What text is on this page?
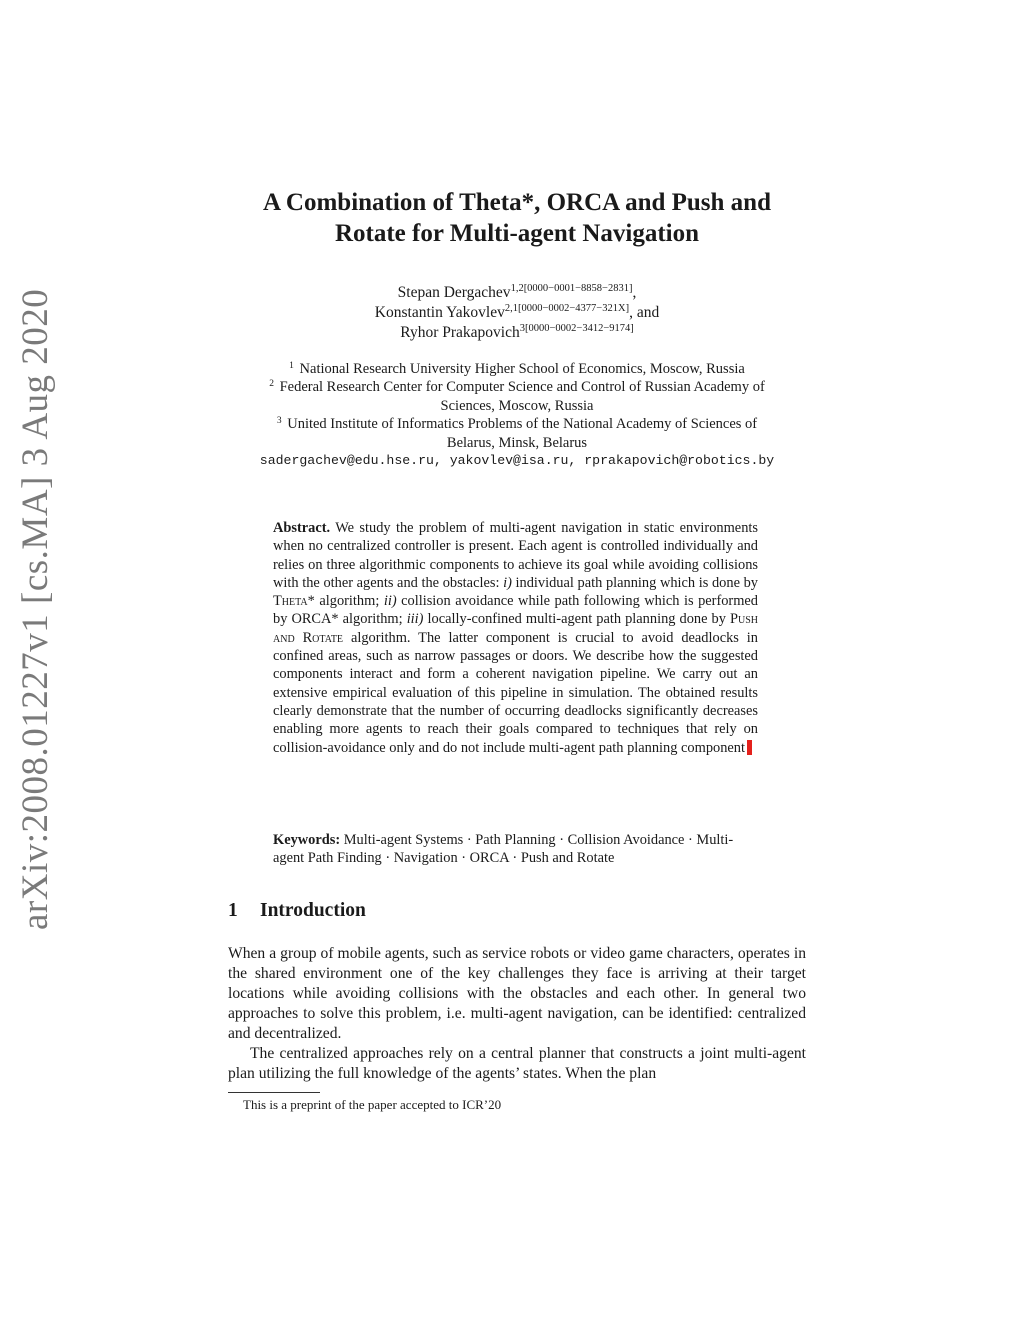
arXiv:2008.01227v1 [cs.MA] 3 Aug 2020
A Combination of Theta*, ORCA and Push and
Rotate for Multi-agent Navigation
Stepan Dergachev$^{1,2[0000-0001-8858-2831]}$,
Konstantin Yakovlev$^{2,1[0000-0002-4377-321X]}$, and
Ryhor Prakapovich$^{3[0000-0002-3412-9174]}$
$^1$ National Research University Higher School of Economics, Moscow, Russia
$^2$ Federal Research Center for Computer Science and Control of Russian Academy of
Sciences, Moscow, Russia
$^3$ United Institute of Informatics Problems of the National Academy of Sciences of
Belarus, Minsk, Belarus
sadergachev@edu.hse.ru, yakovlev@isa.ru, rprakapovich@robotics.by
Abstract. We study the problem of multi-agent navigation in static environments when no centralized controller is present. Each agent is controlled individually and relies on three algorithmic components to achieve its goal while avoiding collisions with the other agents and the obstacles: i) individual path planning which is done by Theta* algorithm; ii) collision avoidance while path following which is performed by ORCA* algorithm; iii) locally-confined multi-agent path planning done by Push and Rotate algorithm. The latter component is crucial to avoid deadlocks in confined areas, such as narrow passages or doors. We describe how the suggested components interact and form a coherent navigation pipeline. We carry out an extensive empirical evaluation of this pipeline in simulation. The obtained results clearly demonstrate that the number of occurring deadlocks significantly decreases enabling more agents to reach their goals compared to techniques that rely on collision-avoidance only and do not include multi-agent path planning component
Keywords: Multi-agent Systems · Path Planning · Collision Avoidance · Multi-agent Path Finding · Navigation · ORCA · Push and Rotate
1 Introduction

When a group of mobile agents, such as service robots or video game characters, operates in the shared environment one of the key challenges they face is arriving at their target locations while avoiding collisions with the obstacles and each other. In general two approaches to solve this problem, i.e. multi-agent navigation, can be identified: centralized and decentralized.

The centralized approaches rely on a central planner that constructs a joint multi-agent plan utilizing the full knowledge of the agents’ states. When the plan

This is a preprint of the paper accepted to ICR’20
